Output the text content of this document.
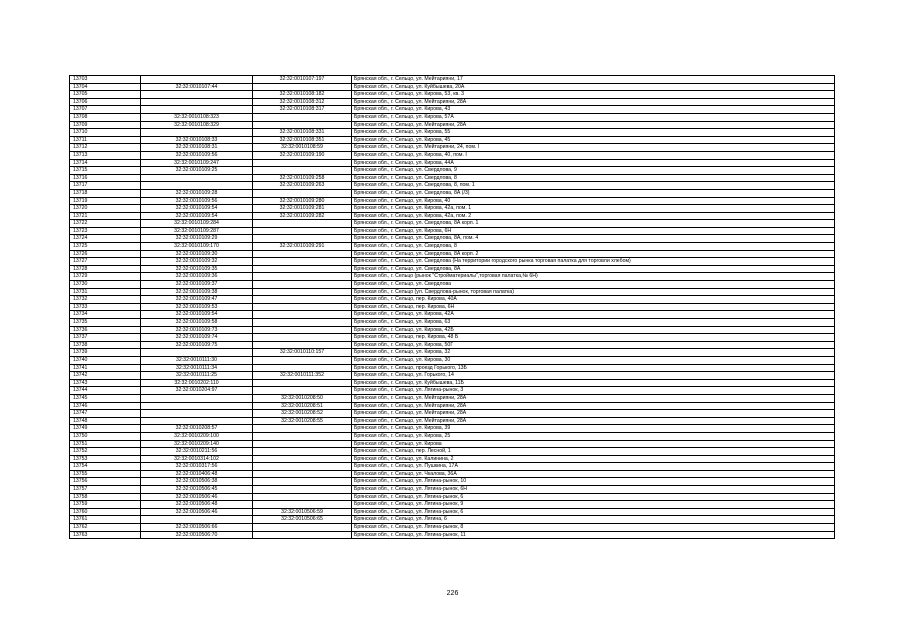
13703		32:32:0010107:197	Брянская обл., г. Сельцо, ул. Мейтарияни, 17
13704	32:32:0010107:44		Брянская обл., г. Сельцо, ул. Куйбышева, 20А
13705		32:32:0010108:182	Брянская обл., г. Сельцо, ул. Кирова, 53, кв. 3
13706		32:32:0010108:312	Брянская обл., г. Сельцо, ул. Мейтарияни, 28А
13707		32:32:0010108:317	Брянская обл., г. Сельцо, ул. Кирова, 43
13708	32:32:0010108:323		Брянская обл., г. Сельцо, ул. Кирова, 57А
13709	32:32:0010108:329		Брянская обл., г. Сельцо, ул. Мейтарияни, 28А
13710		32:32:0010108:331	Брянская обл., г. Сельцо, ул. Кирова, 55
13711	32:32:0010108:33	32:32:0010108:351	Брянская обл., г. Сельцо, ул. Кирова, 45
13712	32:32:0010108:31	32:32:0010108:59	Брянская обл., г. Сельцо, ул. Мейтарияни, 24, пом. I
13713	32:32:0010109:56	32:32:0010109:190	Брянская обл., г. Сельцо, ул. Кирова, 40, пом. I
13714	32:32:0010109:247		Брянская обл., г. Сельцо, ул. Кирова, 44А
13715	32:32:0010109:25		Брянская обл., г. Сельцо, ул. Свердлова, 9
13716		32:32:0010109:258	Брянская обл., г. Сельцо, ул. Свердлова, 8
13717		32:32:0010109:263	Брянская обл., г. Сельцо, ул. Свердлова, 8, пом. 1
13718	32:32:0010109:28		Брянская обл., г. Сельцо, ул. Свердлова, 8А (/3)
13719	32:32:0010109:56	32:32:0010109:280	Брянская обл., г. Сельцо, ул. Кирова, 40
13720	32:32:0010109:54	32:32:0010109:281	Брянская обл., г. Сельцо, ул. Кирова, 42а, пом. 1
13721	32:32:0010109:54	32:32:0010109:282	Брянская обл., г. Сельцо, ул. Кирова, 42а, пом. 2
13722	32:32:0010109:284		Брянская обл., г. Сельцо, ул. Свердлова, 8А корп. 1
13723	32:32:0010109:287		Брянская обл., г. Сельцо, ул. Кирова, 6Н
13724	32:32:0010109:29		Брянская обл., г. Сельцо, ул. Свердлова, 8А, пом. 4
13725	32:32:0010109:170	32:32:0010109:291	Брянская обл., г. Сельцо, ул. Свердлова, 8
13726	32:32:0010109:30		Брянская обл., г. Сельцо, ул. Свердлова, 8А корп. 2
13727	32:32:0010109:32		Брянская обл., г. Сельцо, ул. Свердлова (На территории городского рынка торговая палатка для торговли хлебом)
13728	32:32:0010109:35		Брянская обл., г. Сельцо, ул. Свердлова, 8А
13729	32:32:0010109:36		Брянская обл., г. Сельцо (рынок "Стройматериалы",торговая палатка,№ 6Н)
13730	32:32:0010109:37		Брянская обл., г. Сельцо, ул. Свердлова
13731	32:32:0010109:38		Брянская обл., г. Сельцо (ул. Свердлова-рынок, торговая палатка)
13732	32:32:0010109:47		Брянская обл., г. Сельцо, пер. Кирова, 40А
13733	32:32:0010109:53		Брянская обл., г. Сельцо, пер. Кирова, 6Н
13734	32:32:0010109:54		Брянская обл., г. Сельцо, ул. Кирова, 42А
13735	32:32:0010109:58		Брянская обл., г. Сельцо, ул. Кирова, 63
13736	32:32:0010109:73		Брянская обл., г. Сельцо, ул. Кирова, 42Б
13737	32:32:0010109:74		Брянская обл., г. Сельцо, пер. Кирова, 48 Б
13738	32:32:0010109:75		Брянская обл., г. Сельцо, ул. Кирова, 50Г
13739		32:32:0010110:157	Брянская обл., г. Сельцо, ул. Кирова, 32
13740	32:32:0010111:30		Брянская обл., г. Сельцо, ул. Кирова, 30
13741	32:32:0010111:34		Брянская обл., г. Сельцо, проезд Горького, 13Б
13742	32:32:0010111:25	32:32:0010111:352	Брянская обл., г. Сельцо, ул. Горького, 14
13743	32:32:0010202:110		Брянская обл., г. Сельцо, ул. Куйбышева, 11Б
13744	32:32:0010204:97		Брянская обл., г. Сельцо, ул. Лягина-рынок, 3
13745		32:32:0010208:50	Брянская обл., г. Сельцо, ул. Мейтарияни, 28А
13746		32:32:0010208:51	Брянская обл., г. Сельцо, ул. Мейтарияни, 28А
13747		32:32:0010208:52	Брянская обл., г. Сельцо, ул. Мейтарияни, 28А
13748		32:32:0010208:55	Брянская обл., г. Сельцо, ул. Мейтарияни, 28А
13749	32:32:0010208:57		Брянская обл., г. Сельцо, ул. Кирова, 39
13750	32:32:0010209:100		Брянская обл., г. Сельцо, ул. Кирова, 25
13751	32:32:0010209:140		Брянская обл., г. Сельцо, ул. Кирова
13752	32:32:0010211:56		Брянская обл., г. Сельцо, пер. Лесной, 1
13753	32:32:0010314:102		Брянская обл., г. Сельцо, ул. Калинина, 2
13754	32:32:0010317:56		Брянская обл., г. Сельцо, ул. Пушкина, 17А
13755	32:32:0010406:48		Брянская обл., г. Сельцо, ул. Чкалова, 36А
13756	32:32:0010506:38		Брянская обл., г. Сельцо, ул. Лягина-рынок, 10
13757	32:32:0010506:45		Брянская обл., г. Сельцо, ул. Лягина-рынок, 6Н
13758	32:32:0010506:46		Брянская обл., г. Сельцо, ул. Лягина-рынок, 6
13759	32:32:0010506:48		Брянская обл., г. Сельцо, ул. Лягина-рынок, 9
13760	32:32:0010506:46	32:32:0010506:59	Брянская обл., г. Сельцо, ул. Лягина-рынок, 6
13761		32:32:0010506:65	Брянская обл., г. Сельцо, ул. Лягина, 6
13762	32:32:0010506:66		Брянская обл., г. Сельцо, ул. Лягина-рынок, 8
13763	32:32:0010506:70		Брянская обл., г. Сельцо, ул. Лягина-рынок, 11
226
